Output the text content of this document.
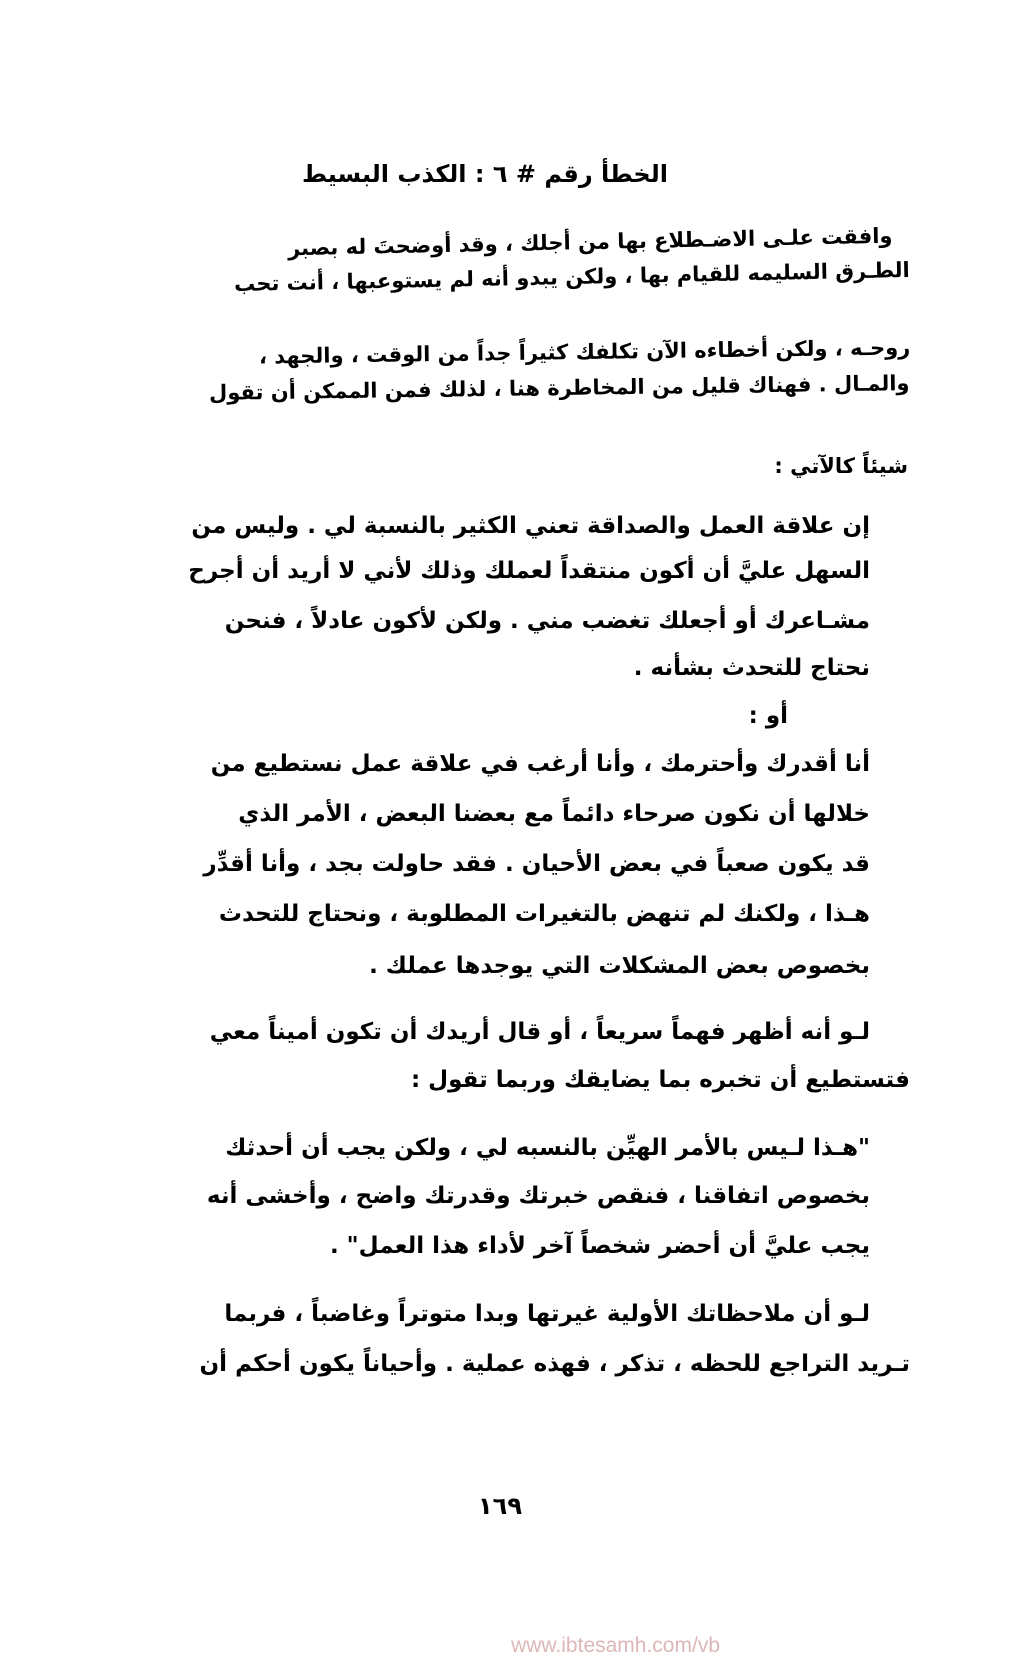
الخطأ رقم # ٦ : الكذب البسيط
وافقت علـى الاضـطلاع بها من أجلك ، وقد أوضحتَ له بصبر
الطـرق السليمه للقيام بها ، ولكن يبدو أنه لم يستوعبها ، أنت تحب
روحـه ، ولكن أخطاءه الآن تكلفك كثيراً جداً من الوقت ، والجهد ،
والمـال . فهناك قليل من المخاطرة هنا ، لذلك فمن الممكن أن تقول
شيئاً كالآتي :
إن علاقة العمل والصداقة تعني الكثير بالنسبة لي . وليس من
السهل عليَّ أن أكون منتقداً لعملك وذلك لأني لا أريد أن أجرح
مشـاعرك أو أجعلك تغضب مني . ولكن لأكون عادلاً ، فنحن
نحتاج للتحدث بشأنه .
أو :
أنا أقدرك وأحترمك ، وأنا أرغب في علاقة عمل نستطيع من
خلالها أن نكون صرحاء دائماً مع بعضنا البعض ، الأمر الذي
قد يكون صعباً في بعض الأحيان . فقد حاولت بجد ، وأنا أقدِّر
هـذا ، ولكنك لم تنهض بالتغيرات المطلوبة ، ونحتاج للتحدث
بخصوص بعض المشكلات التي يوجدها عملك .
لـو أنه أظهر فهماً سريعاً ، أو قال أريدك أن تكون أميناً معي
فتستطيع أن تخبره بما يضايقك وربما تقول :
"هـذا لـيس بالأمر الهيِّن بالنسبه لي ، ولكن يجب أن أحدثك
بخصوص اتفاقنا ، فنقص خبرتك وقدرتك واضح ، وأخشى أنه
يجب عليَّ أن أحضر شخصاً آخر لأداء هذا العمل" .
لـو أن ملاحظاتك الأولية غيرتها وبدا متوتراً وغاضباً ، فربما
تـريد التراجع للحظه ، تذكر ، فهذه عملية . وأحياناً يكون أحكم أن
١٦٩
www.ibtesamh.com/vb
